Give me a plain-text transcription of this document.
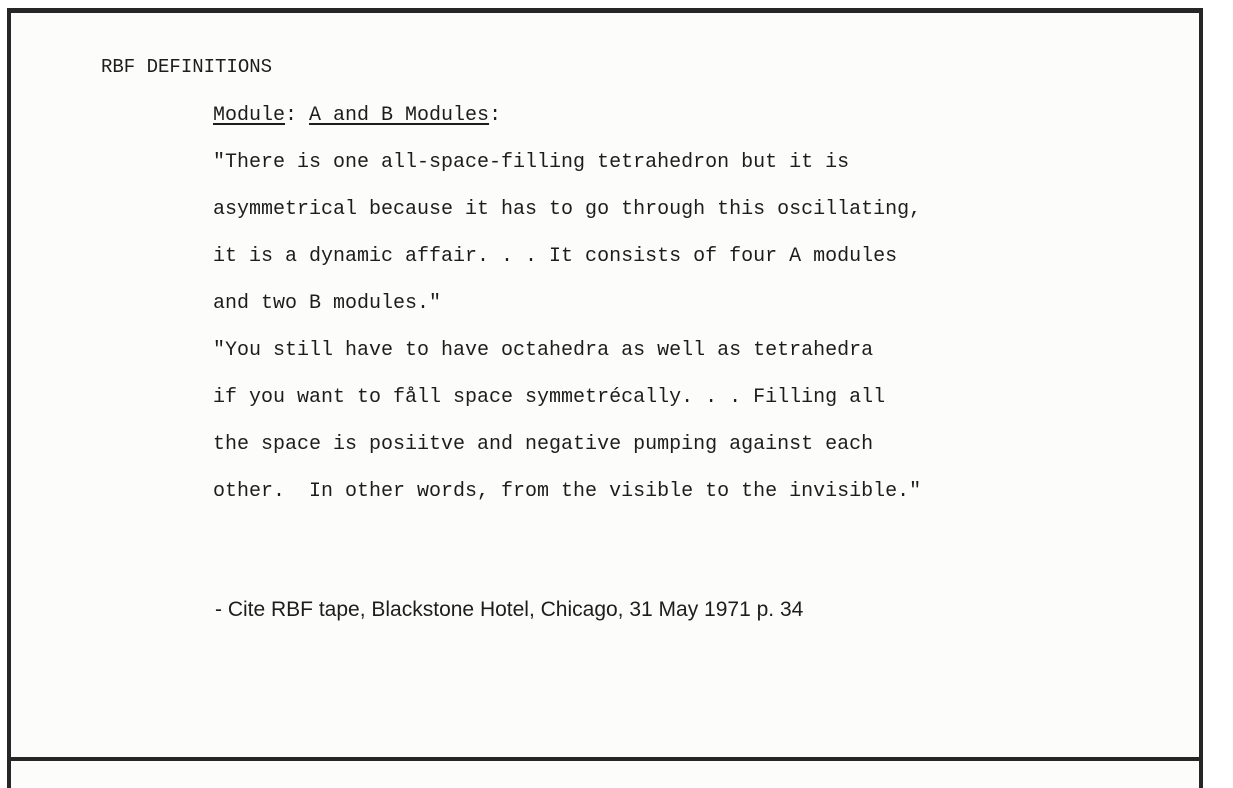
RBF DEFINITIONS
Module: A and B Modules:
"There is one all-space-filling tetrahedron but it is
asymmetrical because it has to go through this oscillating,
it is a dynamic affair. . . It consists of four A modules
and two B modules."
"You still have to have octahedra as well as tetrahedra
if you want to fåll space symmetrécally. . . Filling all
the space is posiitve and negative pumping against each
other.  In other words, from the visible to the invisible."
- Cite RBF tape, Blackstone Hotel, Chicago, 31 May 1971 p. 34
